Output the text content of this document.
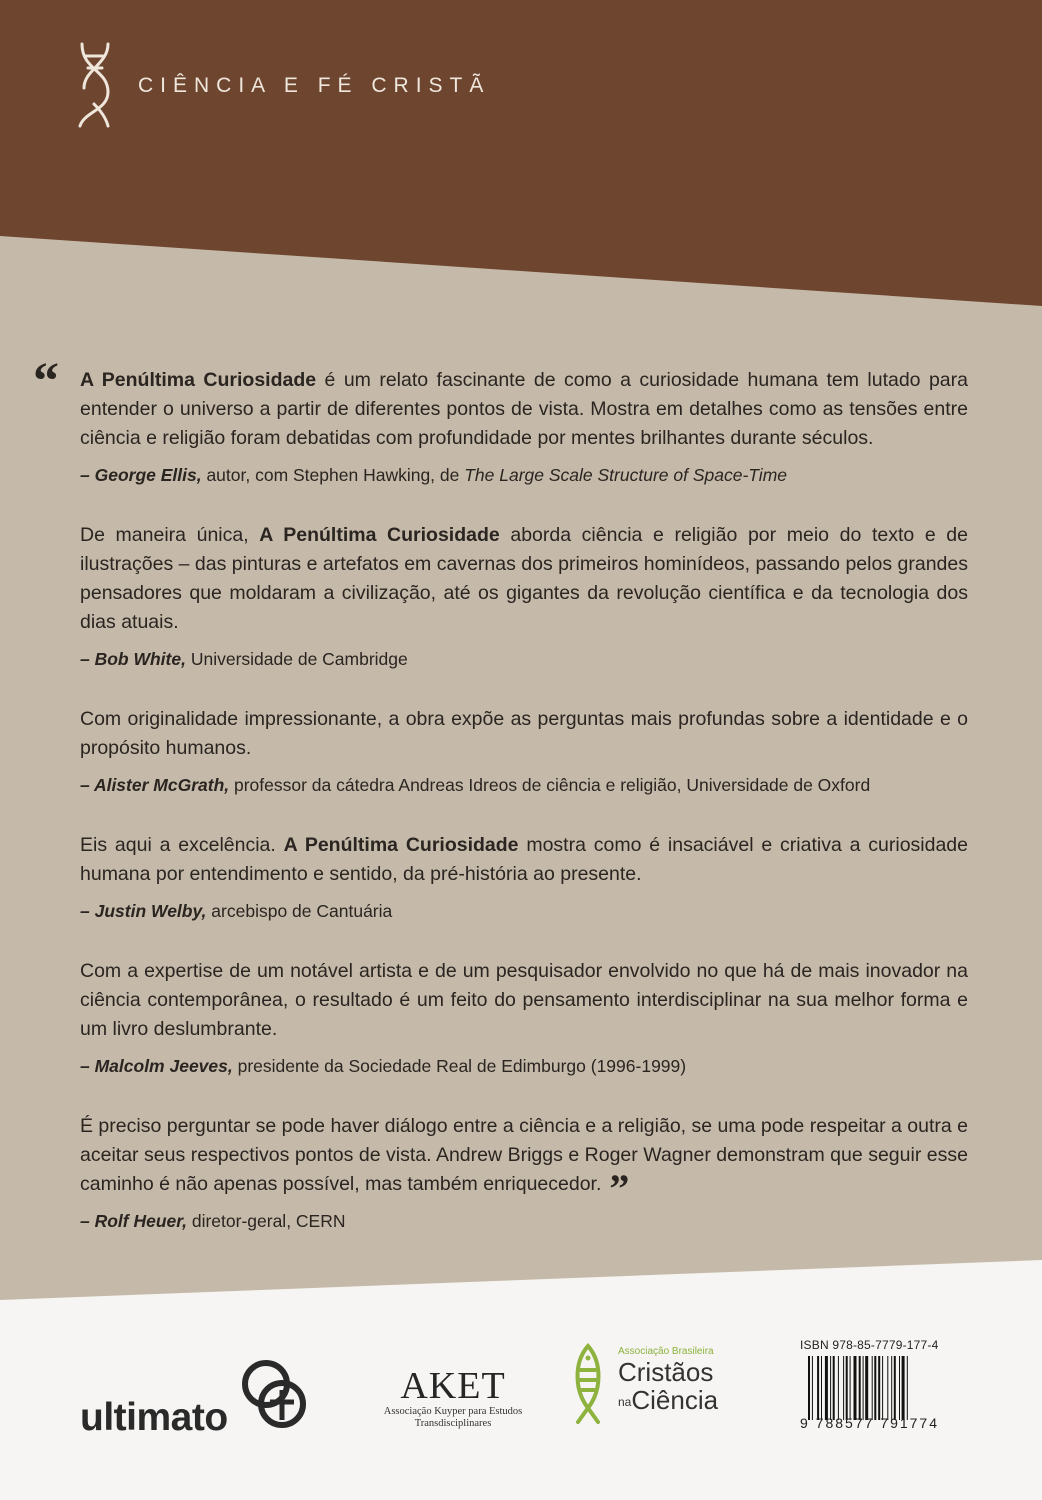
CIÊNCIA E FÉ CRISTÃ
“ A Penúltima Curiosidade é um relato fascinante de como a curiosidade humana tem lutado para entender o universo a partir de diferentes pontos de vista. Mostra em detalhes como as tensões entre ciência e religião foram debatidas com profundidade por mentes brilhantes durante séculos.

– George Ellis, autor, com Stephen Hawking, de The Large Scale Structure of Space-Time

De maneira única, A Penúltima Curiosidade aborda ciência e religião por meio do texto e de ilustrações – das pinturas e artefatos em cavernas dos primeiros hominídeos, passando pelos grandes pensadores que moldaram a civilização, até os gigantes da revolução científica e da tecnologia dos dias atuais.

– Bob White, Universidade de Cambridge

Com originalidade impressionante, a obra expõe as perguntas mais profundas sobre a identidade e o propósito humanos.

– Alister McGrath, professor da cátedra Andreas Idreos de ciência e religião, Universidade de Oxford

Eis aqui a excelência. A Penúltima Curiosidade mostra como é insaciável e criativa a curiosidade humana por entendimento e sentido, da pré-história ao presente.

– Justin Welby, arcebispo de Cantuária

Com a expertise de um notável artista e de um pesquisador envolvido no que há de mais inovador na ciência contemporânea, o resultado é um feito do pensamento interdisciplinar na sua melhor forma e um livro deslumbrante.

– Malcolm Jeeves, presidente da Sociedade Real de Edimburgo (1996-1999)

É preciso perguntar se pode haver diálogo entre a ciência e a religião, se uma pode respeitar a outra e aceitar seus respectivos pontos de vista. Andrew Briggs e Roger Wagner demonstram que seguir esse caminho é não apenas possível, mas também enriquecedor. ”

– Rolf Heuer, diretor-geral, CERN

ultimato
AKET
Associação Kuyper para Estudos Transdisciplinares
Associação Brasileira
Cristãos
naCiência
ISBN 978-85-7779-177-4
9 788577 791774
